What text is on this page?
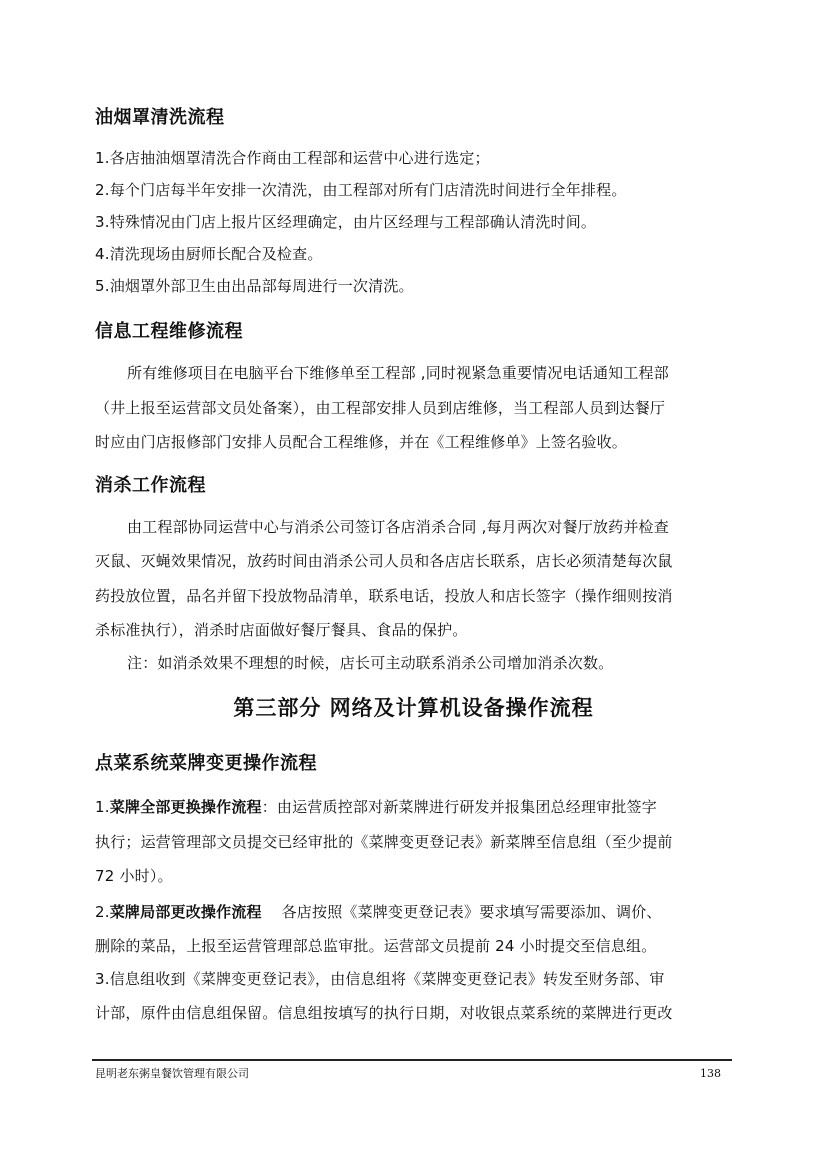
油烟罩清洗流程
1.各店抽油烟罩清洗合作商由工程部和运营中心进行选定；
2.每个门店每半年安排一次清洗，由工程部对所有门店清洗时间进行全年排程。
3.特殊情况由门店上报片区经理确定，由片区经理与工程部确认清洗时间。
4.清洗现场由厨师长配合及检查。
5.油烟罩外部卫生由出品部每周进行一次清洗。
信息工程维修流程
所有维修项目在电脑平台下维修单至工程部 ,同时视紧急重要情况电话通知工程部
（井上报至运营部文员处备案），由工程部安排人员到店维修，当工程部人员到达餐厅
时应由门店报修部门安排人员配合工程维修，并在《工程维修单》上签名验收。
消杀工作流程
由工程部协同运营中心与消杀公司签订各店消杀合同 ,每月两次对餐厅放药并检查
灭鼠、灭蝇效果情况，放药时间由消杀公司人员和各店店长联系，店长必须清楚每次鼠
药投放位置，品名并留下投放物品清单，联系电话，投放人和店长签字（操作细则按消
杀标准执行），消杀时店面做好餐厅餐具、食品的保护。
注：如消杀效果不理想的时候，店长可主动联系消杀公司增加消杀次数。
第三部分 网络及计算机设备操作流程
点菜系统菜牌变更操作流程
1.菜牌全部更换操作流程：由运营质控部对新菜牌进行研发并报集团总经理审批签字
执行；运营管理部文员提交已经审批的《菜牌变更登记表》新菜牌至信息组（至少提前
72 小时）。
2.菜牌局部更改操作流程    各店按照《菜牌变更登记表》要求填写需要添加、调价、
删除的菜品，上报至运营管理部总监审批。运营部文员提前 24 小时提交至信息组。
3.信息组收到《菜牌变更登记表》，由信息组将《菜牌变更登记表》转发至财务部、审
计部，原件由信息组保留。信息组按填写的执行日期，对收银点菜系统的菜牌进行更改
昆明老东粥皇餐饮管理有限公司	138
